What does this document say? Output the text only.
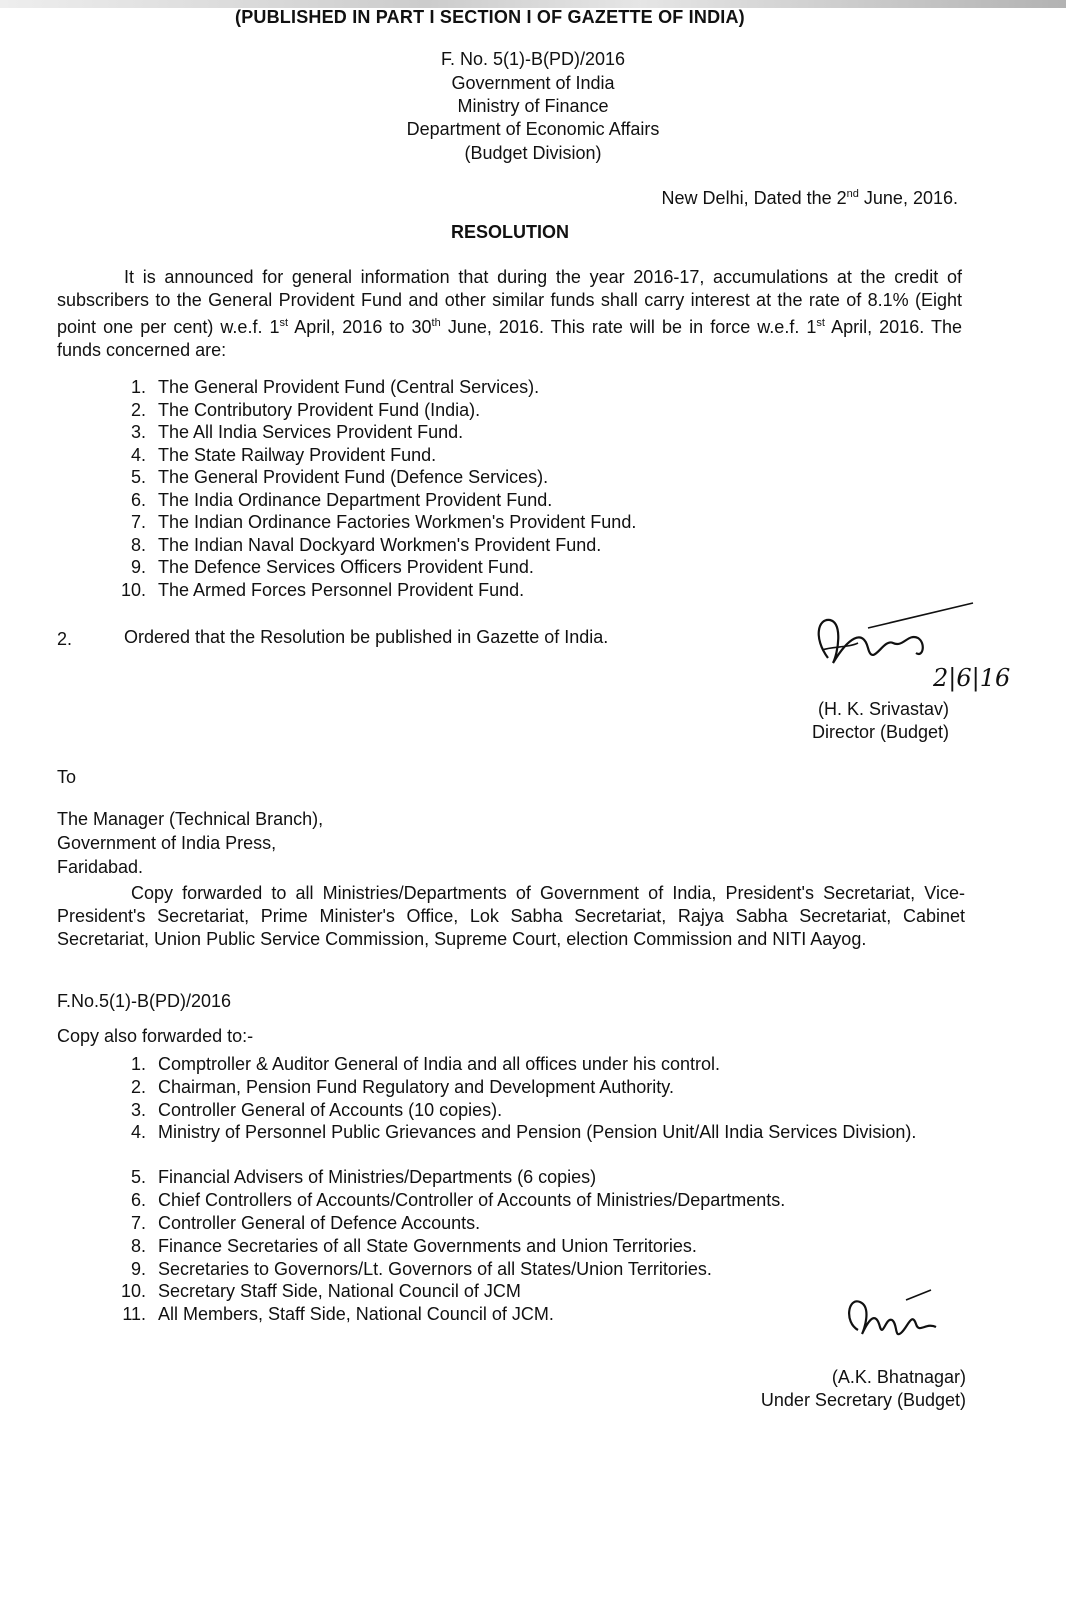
(PUBLISHED IN PART I SECTION I OF GAZETTE OF INDIA)
F. No. 5(1)-B(PD)/2016
Government of India
Ministry of Finance
Department of Economic Affairs
(Budget Division)
New Delhi, Dated the 2nd June, 2016.
RESOLUTION
It is announced for general information that during the year 2016-17, accumulations at the credit of subscribers to the General Provident Fund and other similar funds shall carry interest at the rate of 8.1% (Eight point one per cent) w.e.f. 1st April, 2016 to 30th June, 2016. This rate will be in force w.e.f. 1st April, 2016. The funds concerned are:
1. The General Provident Fund (Central Services).
2. The Contributory Provident Fund (India).
3. The All India Services Provident Fund.
4. The State Railway Provident Fund.
5. The General Provident Fund (Defence Services).
6. The India Ordinance Department Provident Fund.
7. The Indian Ordinance Factories Workmen's Provident Fund.
8. The Indian Naval Dockyard Workmen's Provident Fund.
9. The Defence Services Officers Provident Fund.
10. The Armed Forces Personnel Provident Fund.
2.	Ordered that the Resolution be published in Gazette of India.
2|6|16
(H. K. Srivastav)
Director (Budget)
To
The Manager (Technical Branch),
Government of India Press,
Faridabad.
Copy forwarded to all Ministries/Departments of Government of India, President's Secretariat, Vice-President's Secretariat, Prime Minister's Office, Lok Sabha Secretariat, Rajya Sabha Secretariat, Cabinet Secretariat, Union Public Service Commission, Supreme Court, election Commission and NITI Aayog.
F.No.5(1)-B(PD)/2016
Copy also forwarded to:-
1. Comptroller & Auditor General of India and all offices under his control.
2. Chairman, Pension Fund Regulatory and Development Authority.
3. Controller General of Accounts (10 copies).
4. Ministry of Personnel Public Grievances and Pension (Pension Unit/All India Services Division).
5. Financial Advisers of Ministries/Departments (6 copies)
6. Chief Controllers of Accounts/Controller of Accounts of Ministries/Departments.
7. Controller General of Defence Accounts.
8. Finance Secretaries of all State Governments and Union Territories.
9. Secretaries to Governors/Lt. Governors of all States/Union Territories.
10. Secretary Staff Side, National Council of JCM
11. All Members, Staff Side, National Council of JCM.
(A.K. Bhatnagar)
Under Secretary (Budget)
